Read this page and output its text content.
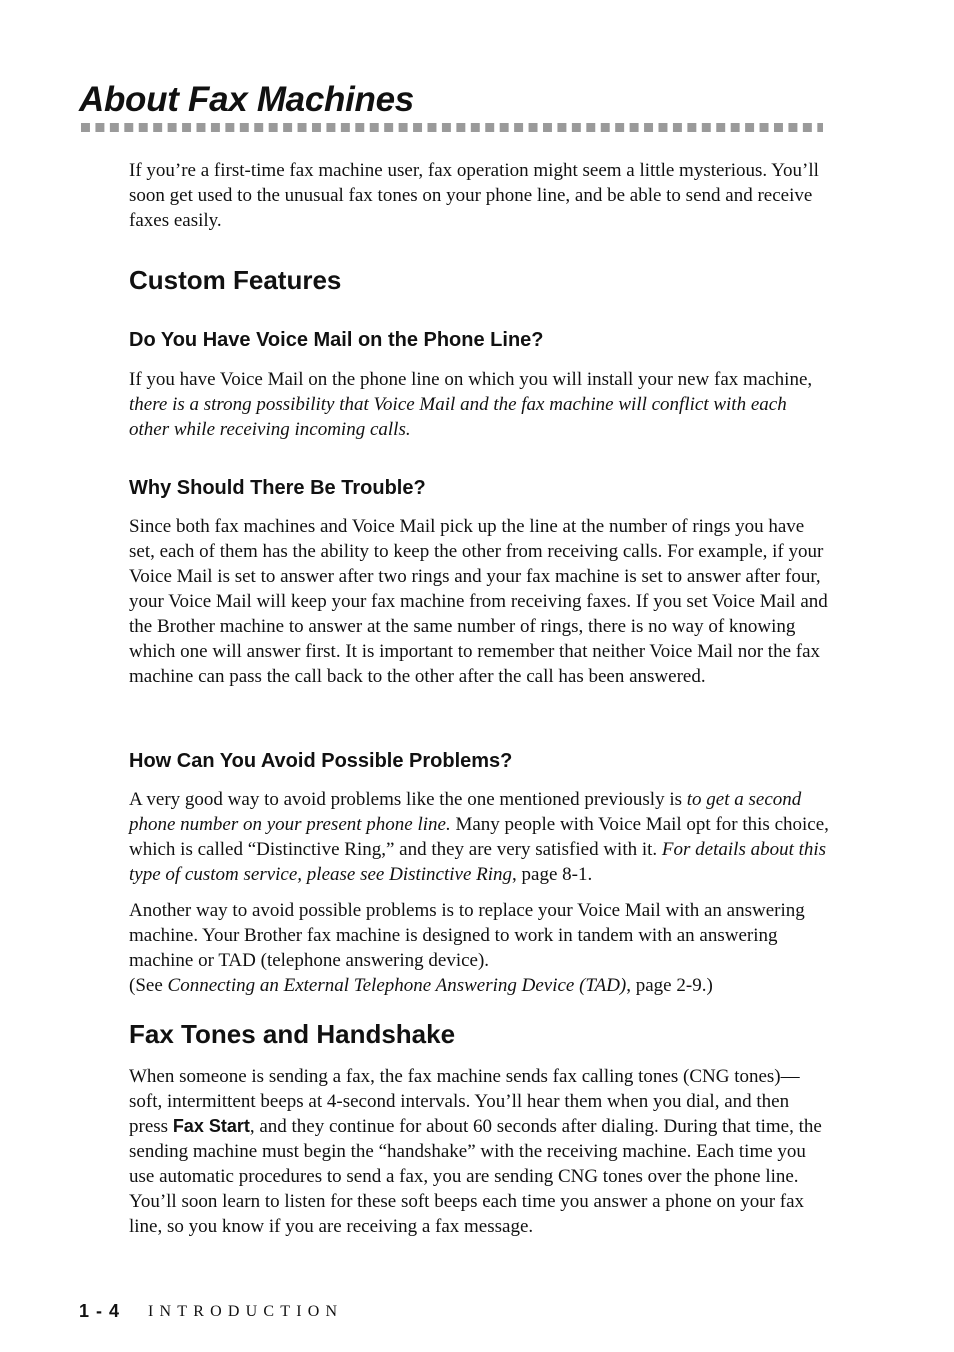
About Fax Machines

If you’re a first-time fax machine user, fax operation might seem a little mysterious. You’ll soon get used to the unusual fax tones on your phone line, and be able to send and receive faxes easily.

Custom Features
Do You Have Voice Mail on the Phone Line?

If you have Voice Mail on the phone line on which you will install your new fax machine, there is a strong possibility that Voice Mail and the fax machine will conflict with each other while receiving incoming calls.

Why Should There Be Trouble?

Since both fax machines and Voice Mail pick up the line at the number of rings you have set, each of them has the ability to keep the other from receiving calls. For example, if your Voice Mail is set to answer after two rings and your fax machine is set to answer after four, your Voice Mail will keep your fax machine from receiving faxes. If you set Voice Mail and the Brother machine to answer at the same number of rings, there is no way of knowing which one will answer first. It is important to remember that neither Voice Mail nor the fax machine can pass the call back to the other after the call has been answered.

How Can You Avoid Possible Problems?

A very good way to avoid problems like the one mentioned previously is to get a second phone number on your present phone line. Many people with Voice Mail opt for this choice, which is called “Distinctive Ring,” and they are very satisfied with it. For details about this type of custom service, please see Distinctive Ring, page 8-1.

Another way to avoid possible problems is to replace your Voice Mail with an answering machine. Your Brother fax machine is designed to work in tandem with an answering machine or TAD (telephone answering device).
(See Connecting an External Telephone Answering Device (TAD), page 2-9.)

Fax Tones and Handshake

When someone is sending a fax, the fax machine sends fax calling tones (CNG tones)—soft, intermittent beeps at 4-second intervals. You’ll hear them when you dial, and then press Fax Start, and they continue for about 60 seconds after dialing. During that time, the sending machine must begin the “handshake” with the receiving machine. Each time you use automatic procedures to send a fax, you are sending CNG tones over the phone line. You’ll soon learn to listen for these soft beeps each time you answer a phone on your fax line, so you know if you are receiving a fax message.

1 - 4 INTRODUCTION
